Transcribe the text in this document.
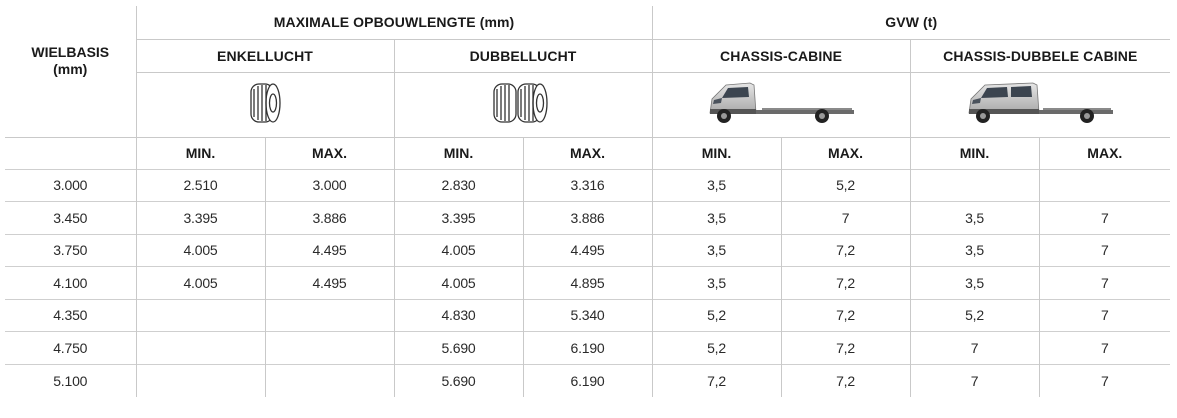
WIELBASIS
(mm)	MAXIMALE OPBOUWLENGTE (mm)				GVW (t)			
	ENKELLUCHT		DUBBELLUCHT		CHASSIS-CABINE		CHASSIS-DUBBELE CABINE	

	MIN.	MAX.	MIN.	MAX.	MIN.	MAX.	MIN.	MAX.
3.000	2.510	3.000	2.830	3.316	3,5	5,2		
3.450	3.395	3.886	3.395	3.886	3,5	7	3,5	7
3.750	4.005	4.495	4.005	4.495	3,5	7,2	3,5	7
4.100	4.005	4.495	4.005	4.895	3,5	7,2	3,5	7
4.350			4.830	5.340	5,2	7,2	5,2	7
4.750			5.690	6.190	5,2	7,2	7	7
5.100			5.690	6.190	7,2	7,2	7	7
